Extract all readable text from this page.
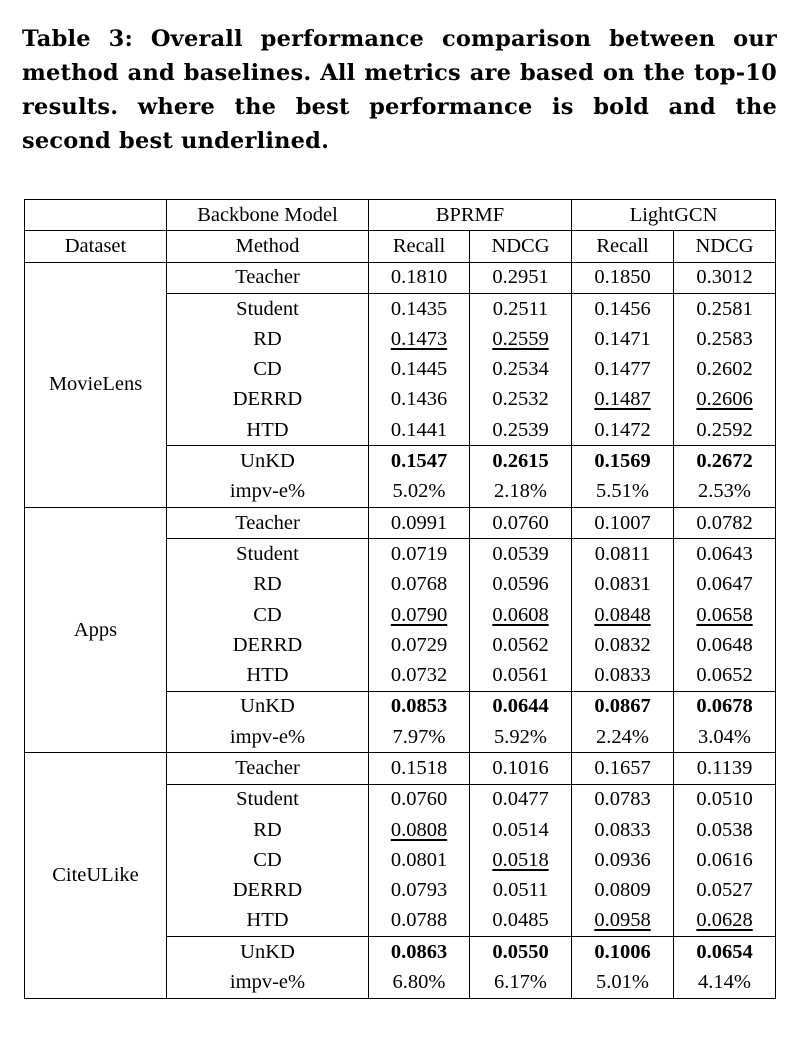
Table 3: Overall performance comparison between our method and baselines. All metrics are based on the top-10 results. where the best performance is bold and the second best underlined.
	Backbone Model	BPRMF		LightGCN	
Dataset	Method	Recall	NDCG	Recall	NDCG
MovieLens	Teacher	0.1810	0.2951	0.1850	0.3012
	Student	0.1435	0.2511	0.1456	0.2581
	RD	0.1473	0.2559	0.1471	0.2583
	CD	0.1445	0.2534	0.1477	0.2602
	DERRD	0.1436	0.2532	0.1487	0.2606
	HTD	0.1441	0.2539	0.1472	0.2592
	UnKD	0.1547	0.2615	0.1569	0.2672
	impv-e%	5.02%	2.18%	5.51%	2.53%
Apps	Teacher	0.0991	0.0760	0.1007	0.0782
	Student	0.0719	0.0539	0.0811	0.0643
	RD	0.0768	0.0596	0.0831	0.0647
	CD	0.0790	0.0608	0.0848	0.0658
	DERRD	0.0729	0.0562	0.0832	0.0648
	HTD	0.0732	0.0561	0.0833	0.0652
	UnKD	0.0853	0.0644	0.0867	0.0678
	impv-e%	7.97%	5.92%	2.24%	3.04%
CiteULike	Teacher	0.1518	0.1016	0.1657	0.1139
	Student	0.0760	0.0477	0.0783	0.0510
	RD	0.0808	0.0514	0.0833	0.0538
	CD	0.0801	0.0518	0.0936	0.0616
	DERRD	0.0793	0.0511	0.0809	0.0527
	HTD	0.0788	0.0485	0.0958	0.0628
	UnKD	0.0863	0.0550	0.1006	0.0654
	impv-e%	6.80%	6.17%	5.01%	4.14%
